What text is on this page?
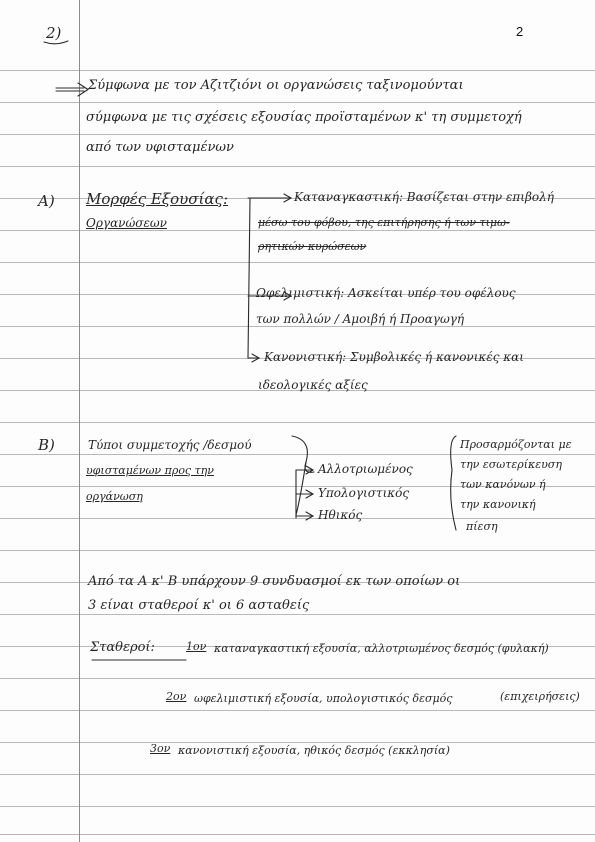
2
2)
Σύμφωνα με τον Αζιτζιόνι οι οργανώσεις ταξινομούνται
σύμφωνα με τις σχέσεις εξουσίας προϊσταμένων κ' τη συμμετοχή
από των υφισταμένων
A) Μορφές Εξουσίας:
Οργανώσεων
Καταναγκαστική: Βασίζεται στην επιβολή
μέσω του φόβου, της επιτήρησης ή των τιμω-
ρητικών κυρώσεων
Ωφελιμιστική: Ασκείται υπέρ του οφέλους
των πολλών / Αμοιβή ή Προαγωγή
Κανονιστική: Συμβολικές ή κανονικές και
ιδεολογικές αξίες
B)	Τύποι συμμετοχής /δεσμού
υφισταμένων προς την
οργάνωση
Αλλοτριωμένος
Υπολογιστικός
Ηθικός
Προσαρμόζονται με
την εσωτερίκευση
των κανόνων ή
την κανονική
πίεση
Από τα A κ' B υπάρχουν 9 συνδυασμοί εκ των οποίων οι
3 είναι σταθεροί κ' οι 6 ασταθείς
Σταθεροί:	1ον καταναγκαστική εξουσία, αλλοτριωμένος δεσμός (φυλακή)
2ον ωφελιμιστική εξουσία, υπολογιστικός δεσμός	(επιχειρήσεις)
3ον κανονιστική εξουσία, ηθικός δεσμός (εκκλησία)
